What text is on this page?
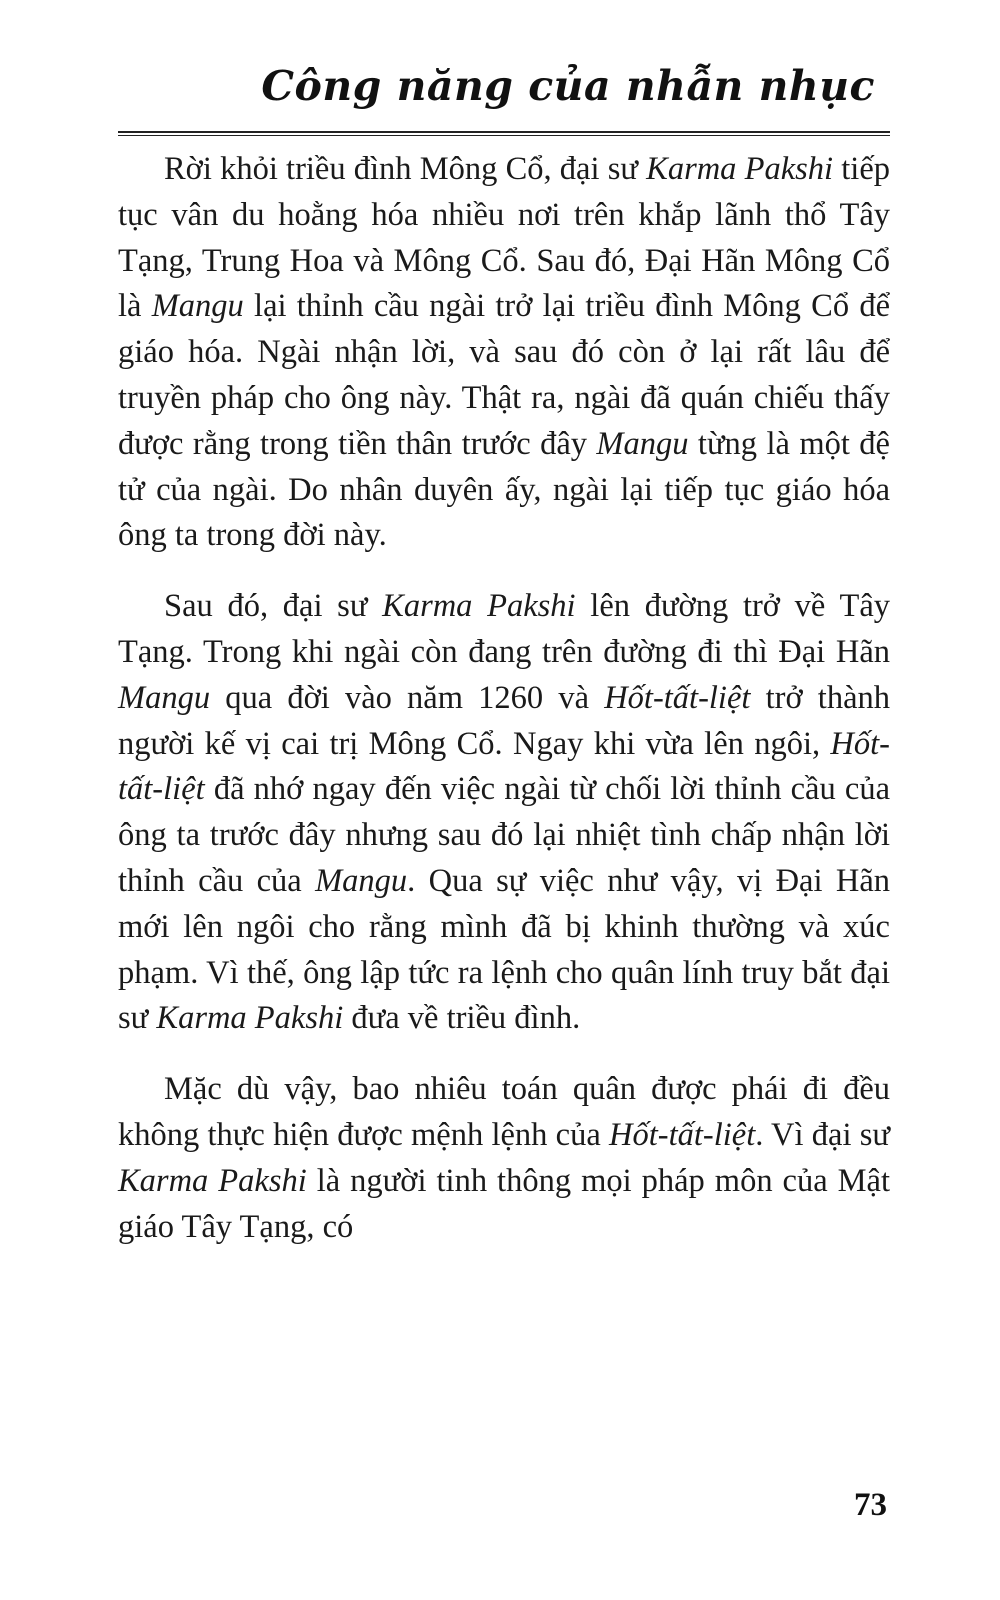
Công năng của nhẫn nhục

Rời khỏi triều đình Mông Cổ, đại sư Karma Pakshi tiếp tục vân du hoằng hóa nhiều nơi trên khắp lãnh thổ Tây Tạng, Trung Hoa và Mông Cổ. Sau đó, Đại Hãn Mông Cổ là Mangu lại thỉnh cầu ngài trở lại triều đình Mông Cổ để giáo hóa. Ngài nhận lời, và sau đó còn ở lại rất lâu để truyền pháp cho ông này. Thật ra, ngài đã quán chiếu thấy được rằng trong tiền thân trước đây Mangu từng là một đệ tử của ngài. Do nhân duyên ấy, ngài lại tiếp tục giáo hóa ông ta trong đời này.

Sau đó, đại sư Karma Pakshi lên đường trở về Tây Tạng. Trong khi ngài còn đang trên đường đi thì Đại Hãn Mangu qua đời vào năm 1260 và Hốt-tất-liệt trở thành người kế vị cai trị Mông Cổ. Ngay khi vừa lên ngôi, Hốt-tất-liệt đã nhớ ngay đến việc ngài từ chối lời thỉnh cầu của ông ta trước đây nhưng sau đó lại nhiệt tình chấp nhận lời thỉnh cầu của Mangu. Qua sự việc như vậy, vị Đại Hãn mới lên ngôi cho rằng mình đã bị khinh thường và xúc phạm. Vì thế, ông lập tức ra lệnh cho quân lính truy bắt đại sư Karma Pakshi đưa về triều đình.

Mặc dù vậy, bao nhiêu toán quân được phái đi đều không thực hiện được mệnh lệnh của Hốt-tất-liệt. Vì đại sư Karma Pakshi là người tinh thông mọi pháp môn của Mật giáo Tây Tạng, có

73
